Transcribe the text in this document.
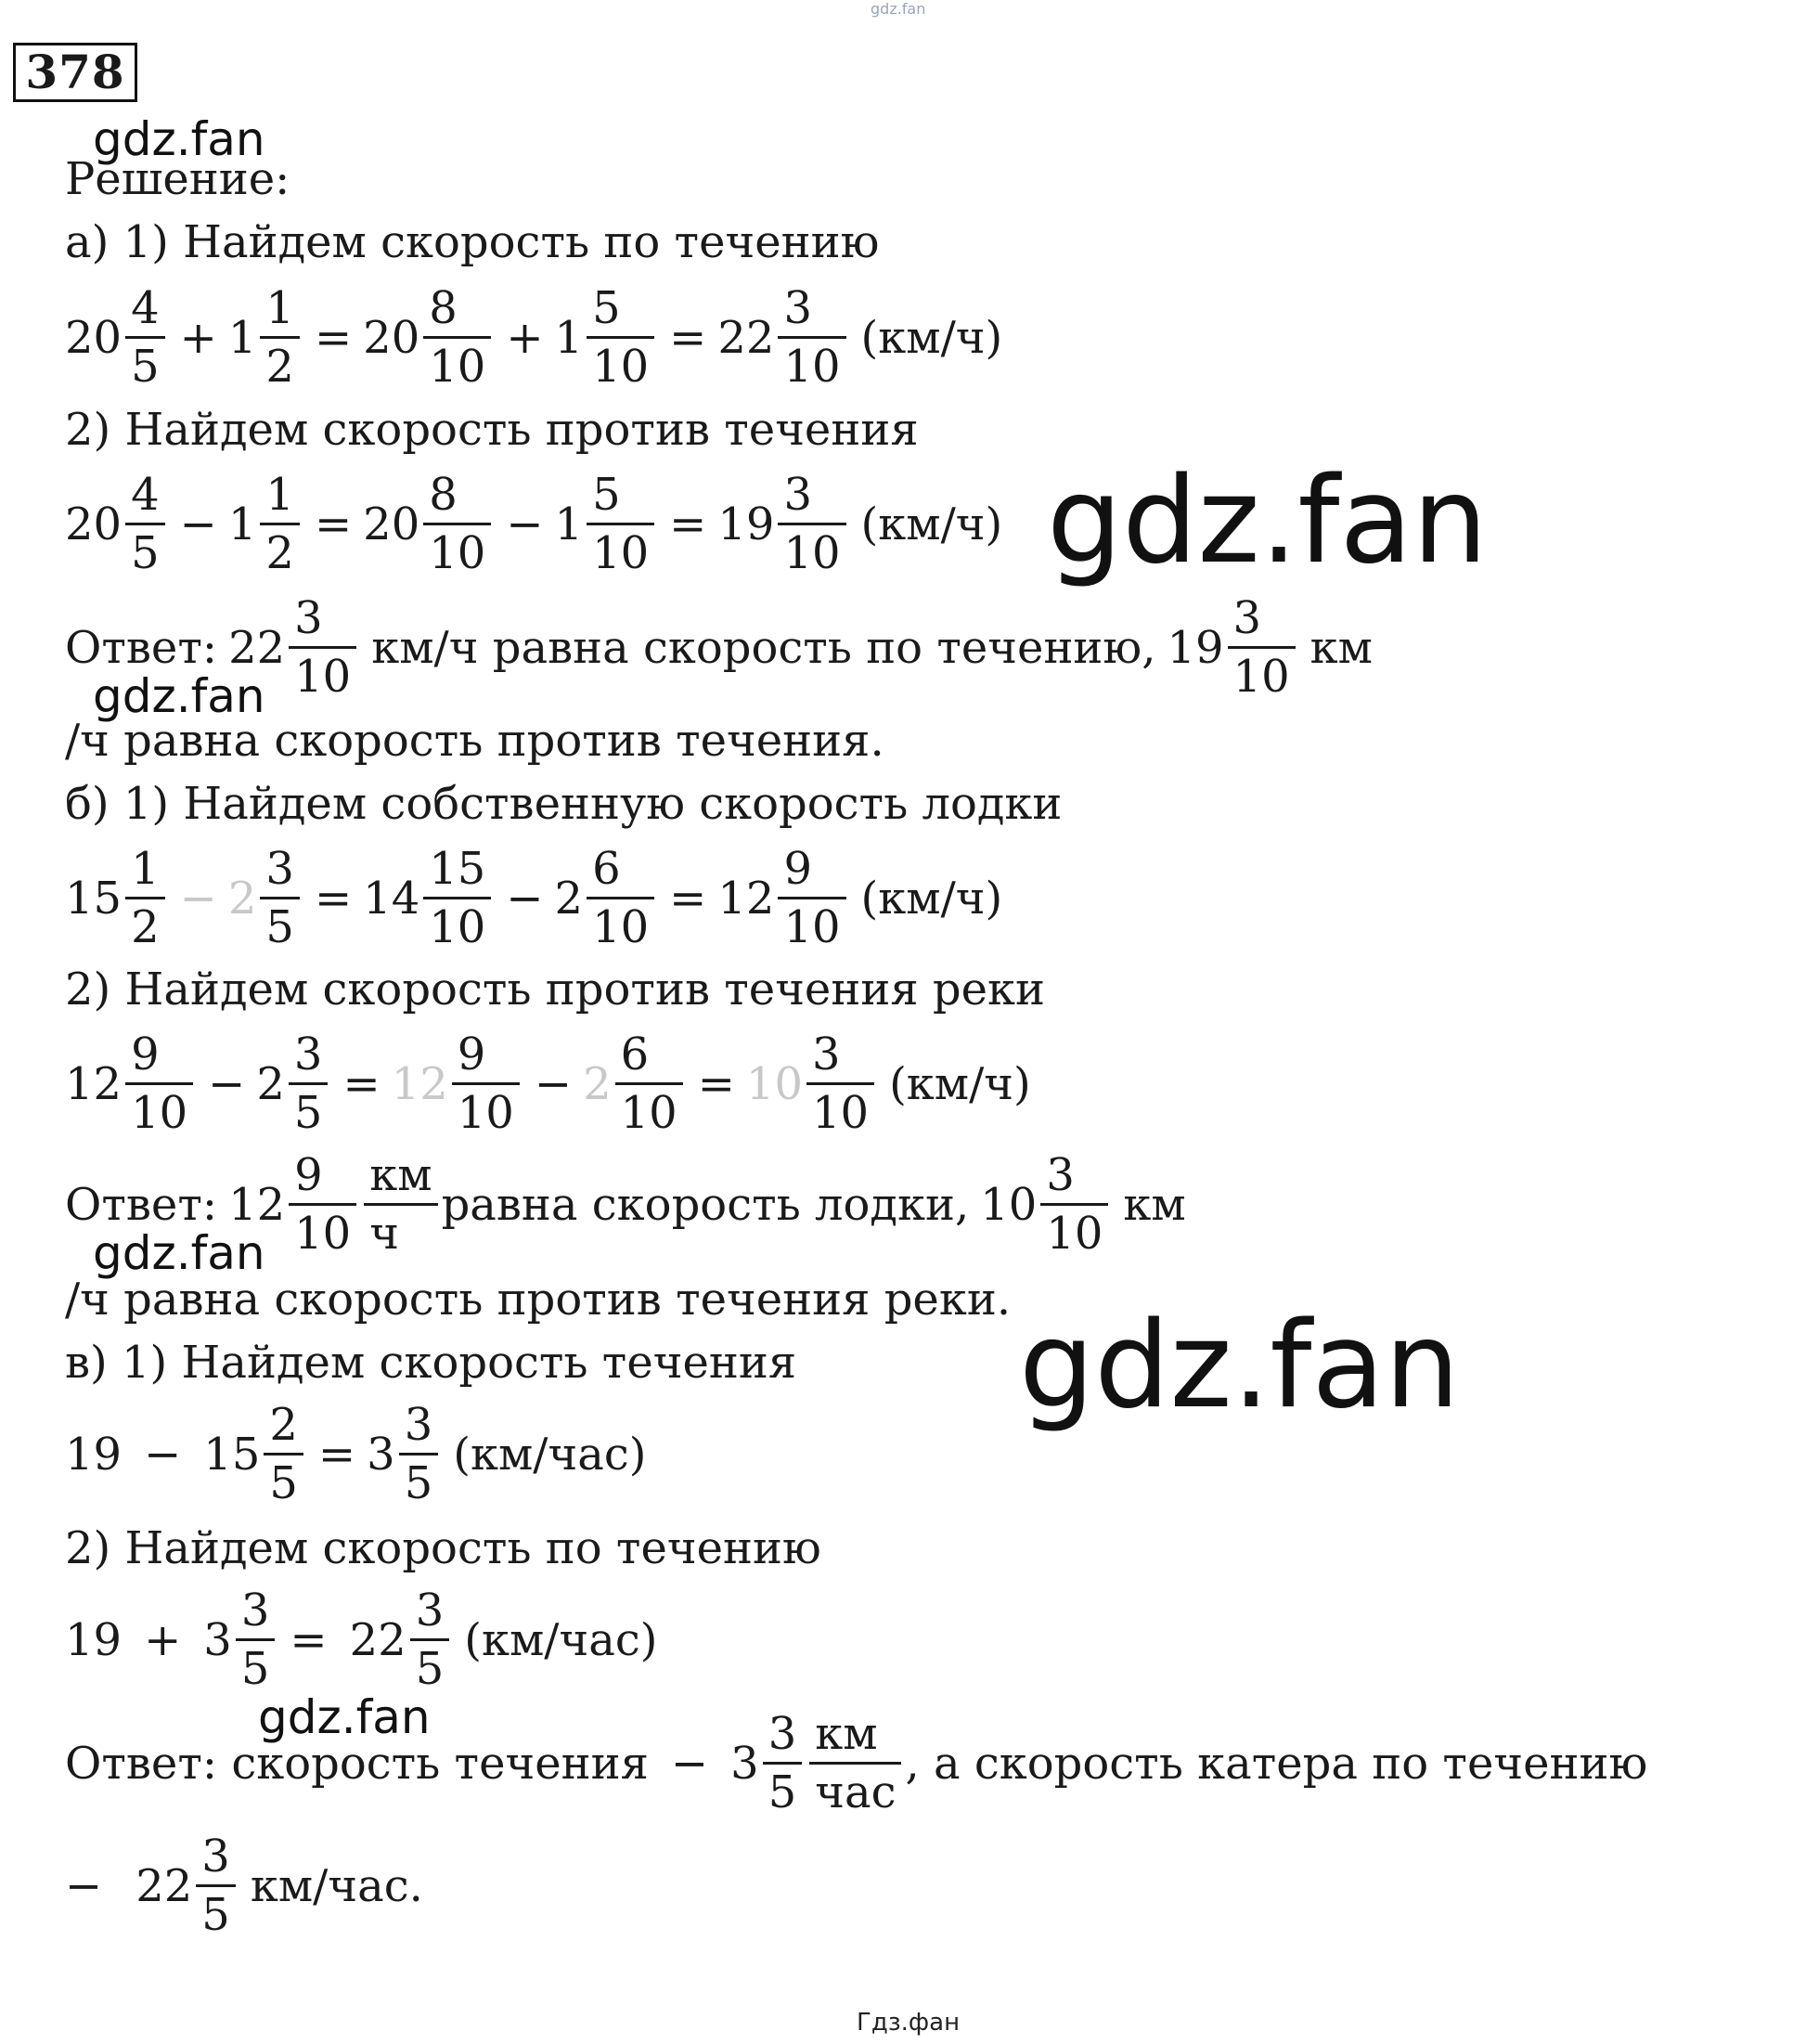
gdz.fan
378
Решение:
а) 1) Найдем скорость по течению
$20 \frac{4}{5} + 1 \frac{1}{2} = 20 \frac{8}{10} + 1 \frac{5}{10} = 22 \frac{3}{10} (км/ч)$
2) Найдем скорость против течения
$20 \frac{4}{5} - 1 \frac{1}{2} = 20 \frac{8}{10} - 1 \frac{5}{10} = 19 \frac{3}{10} (км/ч)$
Ответ: $22 \frac{3}{10} км/ч$ равна скорость по течению, $19 \frac{3}{10}$ км
/ч равна скорость против течения.
б) 1) Найдем собственную скорость лодки
$15 \frac{1}{2} - 2 \frac{3}{5} = 14 \frac{15}{10} - 2 \frac{6}{10} = 12 \frac{9}{10} (км/ч)$
2) Найдем скорость против течения реки
$12 \frac{9}{10} - 2 \frac{3}{5} = 12 \frac{9}{10} - 2 \frac{6}{10} = 10 \frac{3}{10} (км/ч)$
Ответ: $12 \frac{9}{10} \frac{км}{ч}$ равна скорость лодки, $10 \frac{3}{10}$ км
/ч равна скорость против течения реки.
в) 1) Найдем скорость течения
$19 - 15 \frac{2}{5} = 3 \frac{3}{5} (км/час)$
2) Найдем скорость по течению
$19 + 3 \frac{3}{5} = 22 \frac{3}{5} (км/час)$
Ответ: скорость течения − $3 \frac{3}{5} \frac{км}{\text{час}}$ , а скорость катера по течению
− $22 \frac{3}{5} км/час$.
gdz.fan
gdz.fan
gdz.fan
gdz.fan
gdz.fan
gdz.fan
Гдз.фан
